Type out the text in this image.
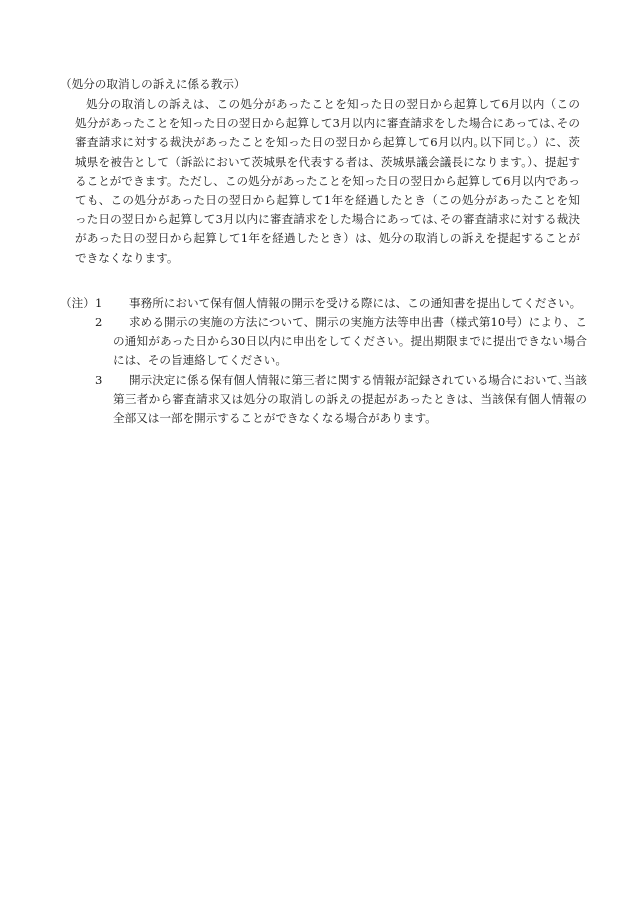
（処分の取消しの訴えに係る教示）
処分の取消しの訴えは、この処分があったことを知った日の翌日から起算して6月以内（この処分があったことを知った日の翌日から起算して3月以内に審査請求をした場合にあっては､その審査請求に対する裁決があったことを知った日の翌日から起算して6月以内｡以下同じ｡）に、茨城県を被告として（訴訟において茨城県を代表する者は、茨城県議会議長になります。）、提起することができます。ただし、この処分があったことを知った日の翌日から起算して6月以内であっても、この処分があった日の翌日から起算して1年を経過したとき（この処分があったことを知った日の翌日から起算して3月以内に審査請求をした場合にあっては､その審査請求に対する裁決があった日の翌日から起算して1年を経過したとき）は、処分の取消しの訴えを提起することができなくなります。
（注） 1	事務所において保有個人情報の開示を受ける際には、この通知書を提出してください。
2	求める開示の実施の方法について、開示の実施方法等申出書（様式第10号）により、この通知があった日から30日以内に申出をしてください。提出期限までに提出できない場合には、その旨連絡してください。
3	開示決定に係る保有個人情報に第三者に関する情報が記録されている場合において､当該第三者から審査請求又は処分の取消しの訴えの提起があったときは、当該保有個人情報の全部又は一部を開示することができなくなる場合があります。
